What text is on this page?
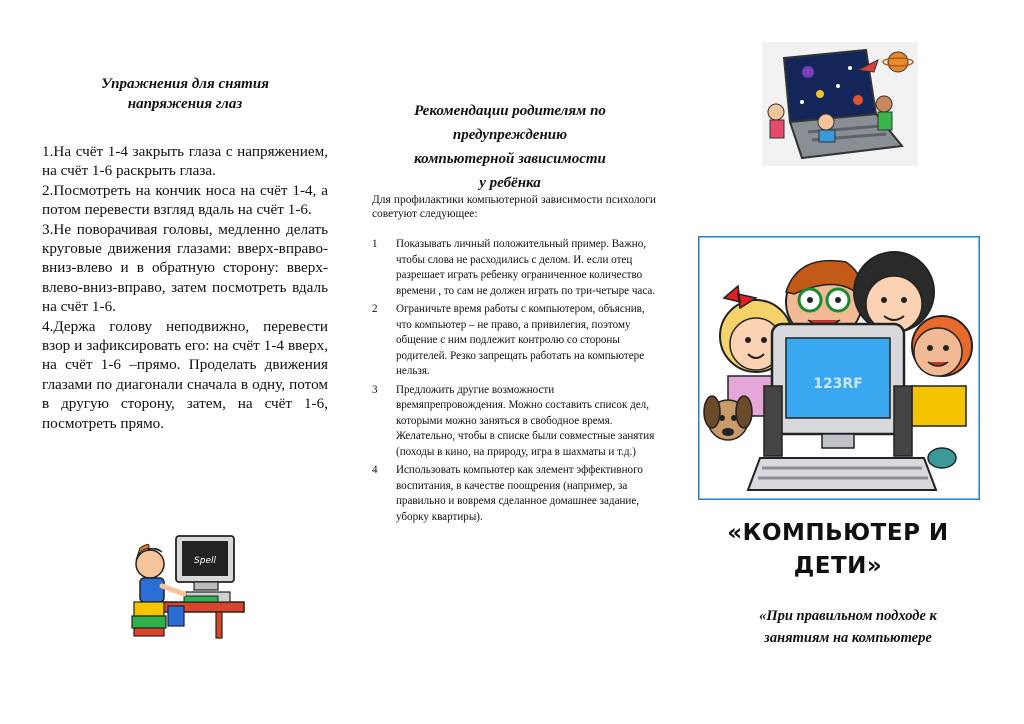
Упражнения для снятия
напряжения глаз

1.На счёт 1-4 закрыть глаза с напряжением, на счёт 1-6 раскрыть глаза.

2.Посмотреть на кончик носа на счёт 1-4, а потом перевести взгляд вдаль на счёт 1-6.

3.Не поворачивая головы, медленно делать круговые движения глазами: вверх-вправо-вниз-влево и в обратную сторону: вверх-влево-вниз-вправо, затем посмотреть вдаль на счёт 1-6.

4.Держа голову неподвижно, перевести взор и зафиксировать его: на счёт 1-4 вверх, на счёт 1-6 –прямо. Проделать движения глазами по диагонали сначала в одну, потом в другую сторону, затем, на счёт 1-6, посмотреть прямо.

Spell
Рекомендации родителям по
предупреждению
компьютерной зависимости
у ребёнка
Для профилактики компьютерной зависимости психологи советуют следующее:
1	Показывать личный положительный пример. Важно, чтобы слова не расходились с делом. И. если отец разрешает играть ребенку ограниченное количество времени , то сам не должен играть по три-четыре часа.
2	Ограничьте время работы с компьютером, объяснив, что компьютер – не право, а привилегия, поэтому общение с ним подлежит контролю со стороны родителей. Резко запрещать работать на компьютере нельзя.
3	Предложить другие возможности времяпрепровождения. Можно составить список дел, которыми можно заняться в свободное время. Желательно, чтобы в списке были совместные занятия (походы в кино, на природу, игра в шахматы и т.д.)
4	Использовать компьютер как элемент эффективного воспитания, в качестве поощрения (например, за правильно и вовремя сделанное домашнее задание, уборку квартиры).
123RF
«КОМПЬЮТЕР И
ДЕТИ»
«При правильном подходе к
занятиям на компьютере
